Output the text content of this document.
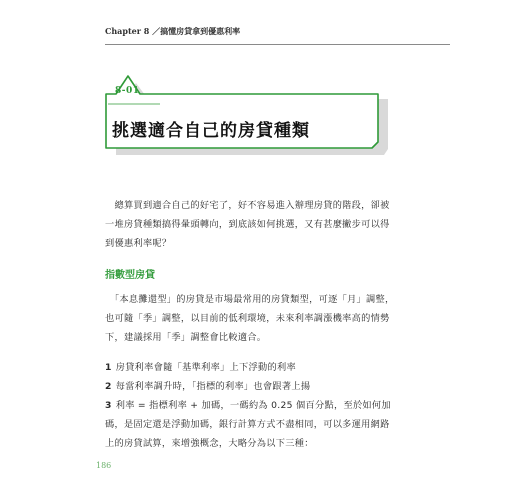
Chapter 8 ／搞懂房貸拿到優惠利率
8-01
挑選適合自己的房貸種類
　總算買到適合自己的好宅了，好不容易進入辦理房貸的階段，卻被
一堆房貸種類搞得暈頭轉向，到底該如何挑選，又有甚麼撇步可以得
到優惠利率呢？
指數型房貸
　「本息攤還型」的房貸是市場最常用的房貸類型，可逐「月」調整，
也可隨「季」調整，以目前的低利環境，未來利率調漲機率高的情勢
下，建議採用「季」調整會比較適合。
1 房貸利率會隨「基準利率」上下浮動的利率
2 每當利率調升時，「指標的利率」也會跟著上揚
3 利率 = 指標利率 + 加碼，一碼約為 0.25 個百分點，至於如何加
碼，是固定還是浮動加碼，銀行計算方式不盡相同，可以多運用網路
上的房貸試算，來增強概念，大略分為以下三種：
186
